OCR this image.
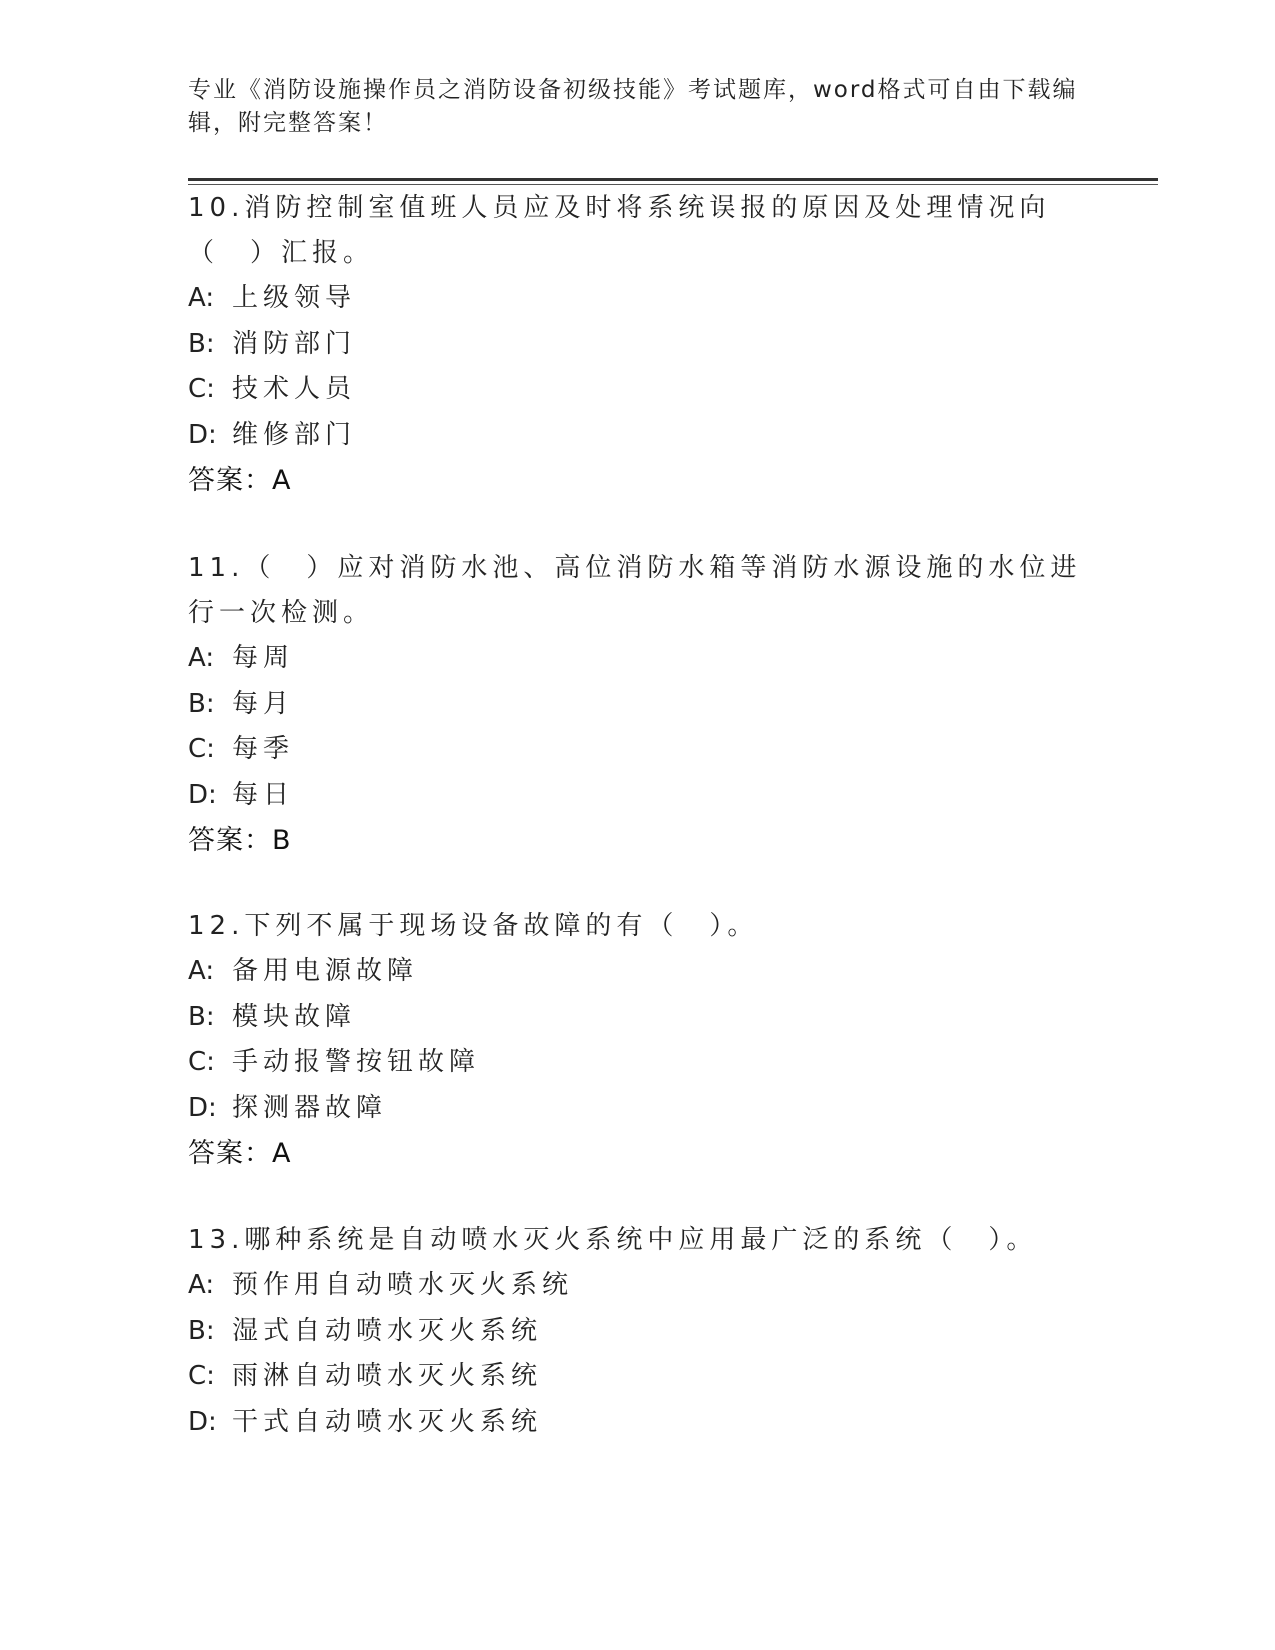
专业《消防设施操作员之消防设备初级技能》考试题库，word格式可自由下载编辑，附完整答案！
10.消防控制室值班人员应及时将系统误报的原因及处理情况向（　）汇报。
A: 上级领导
B: 消防部门
C: 技术人员
D: 维修部门
答案：A
11.（　）应对消防水池、高位消防水箱等消防水源设施的水位进行一次检测。
A: 每周
B: 每月
C: 每季
D: 每日
答案：B
12.下列不属于现场设备故障的有（　）。
A: 备用电源故障
B: 模块故障
C: 手动报警按钮故障
D: 探测器故障
答案：A
13.哪种系统是自动喷水灭火系统中应用最广泛的系统（　）。
A: 预作用自动喷水灭火系统
B: 湿式自动喷水灭火系统
C: 雨淋自动喷水灭火系统
D: 干式自动喷水灭火系统
